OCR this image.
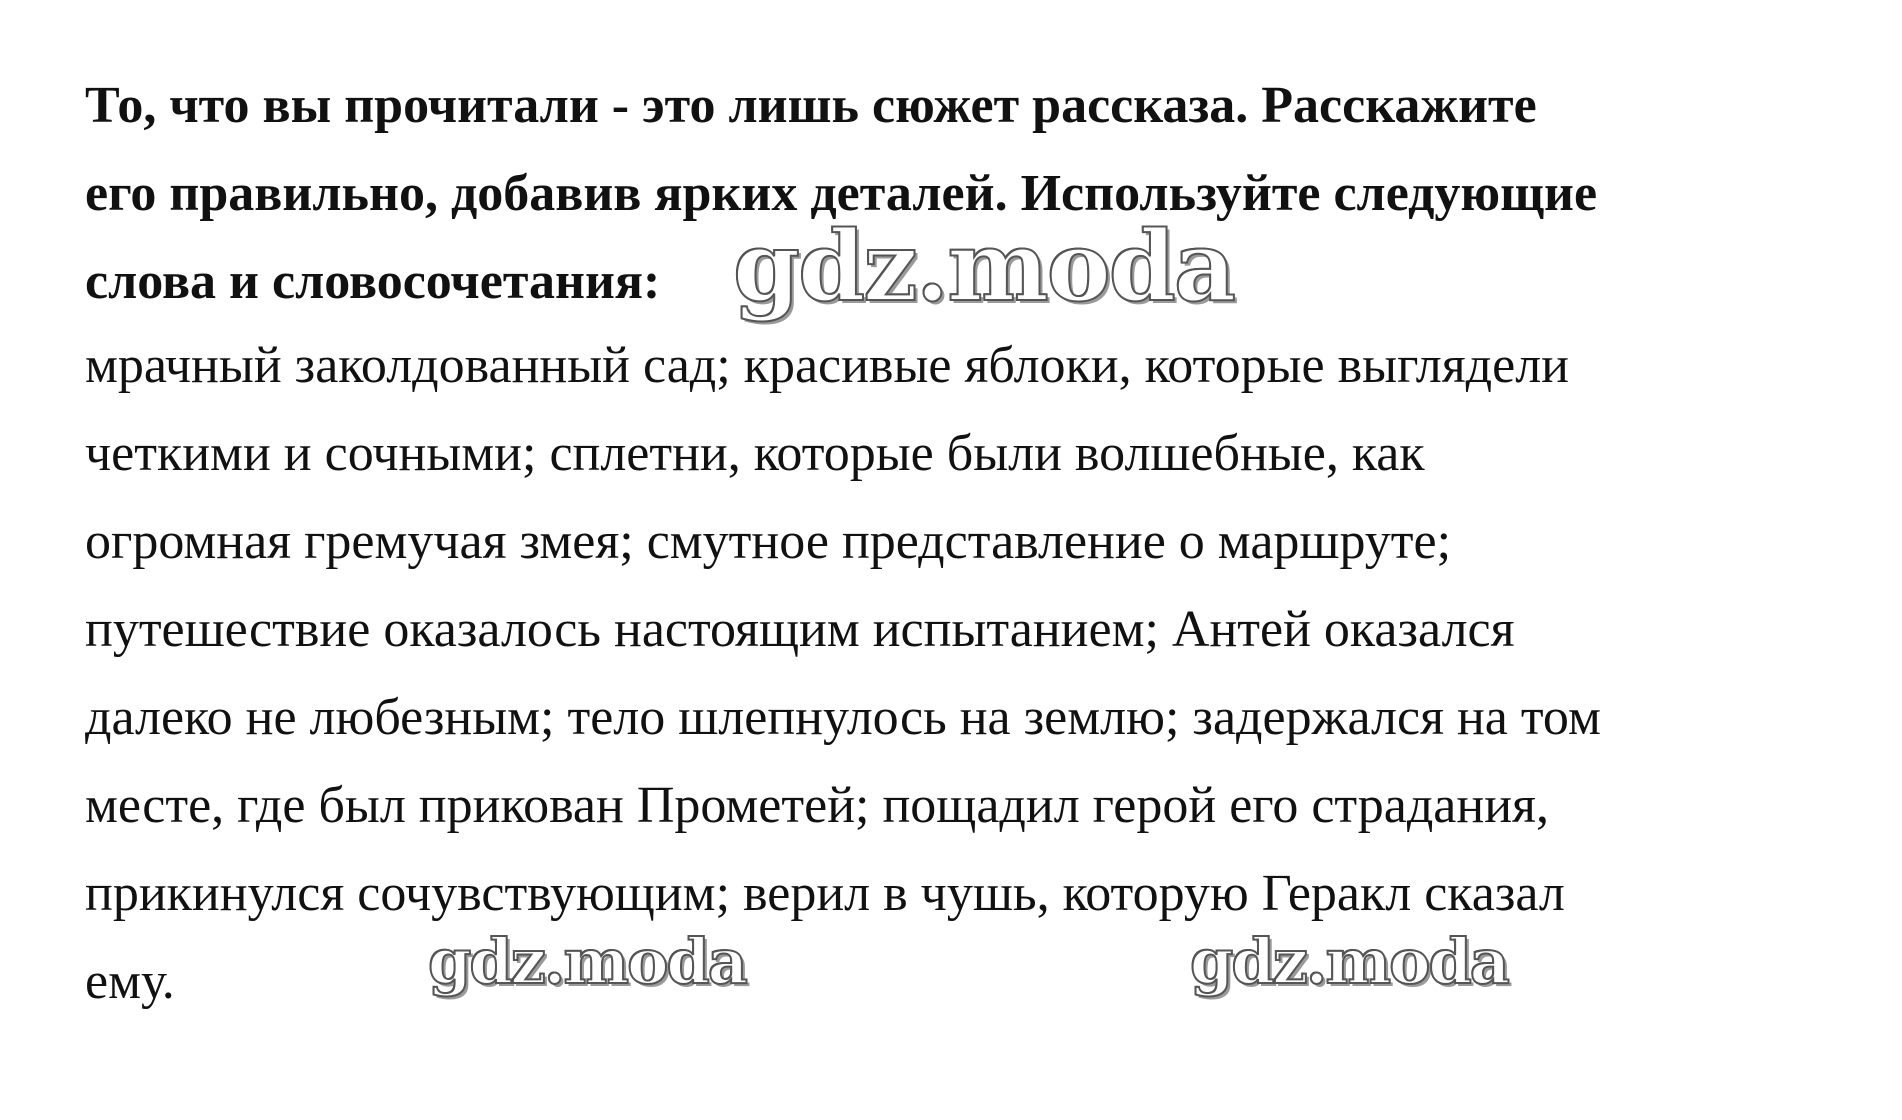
То, что вы прочитали - это лишь сюжет рассказа. Расскажите
его правильно, добавив ярких деталей. Используйте следующие
слова и словосочетания:

мрачный заколдованный сад; красивые яблоки, которые выглядели
четкими и сочными; сплетни, которые были волшебные, как
огромная гремучая змея; смутное представление о маршруте;
путешествие оказалось настоящим испытанием; Антей оказался
далеко не любезным; тело шлепнулось на землю; задержался на том
месте, где был прикован Прометей; пощадил герой его страдания,
прикинулся сочувствующим; верил в чушь, которую Геракл сказал
ему.

gdz.moda
gdz.moda	gdz.moda
